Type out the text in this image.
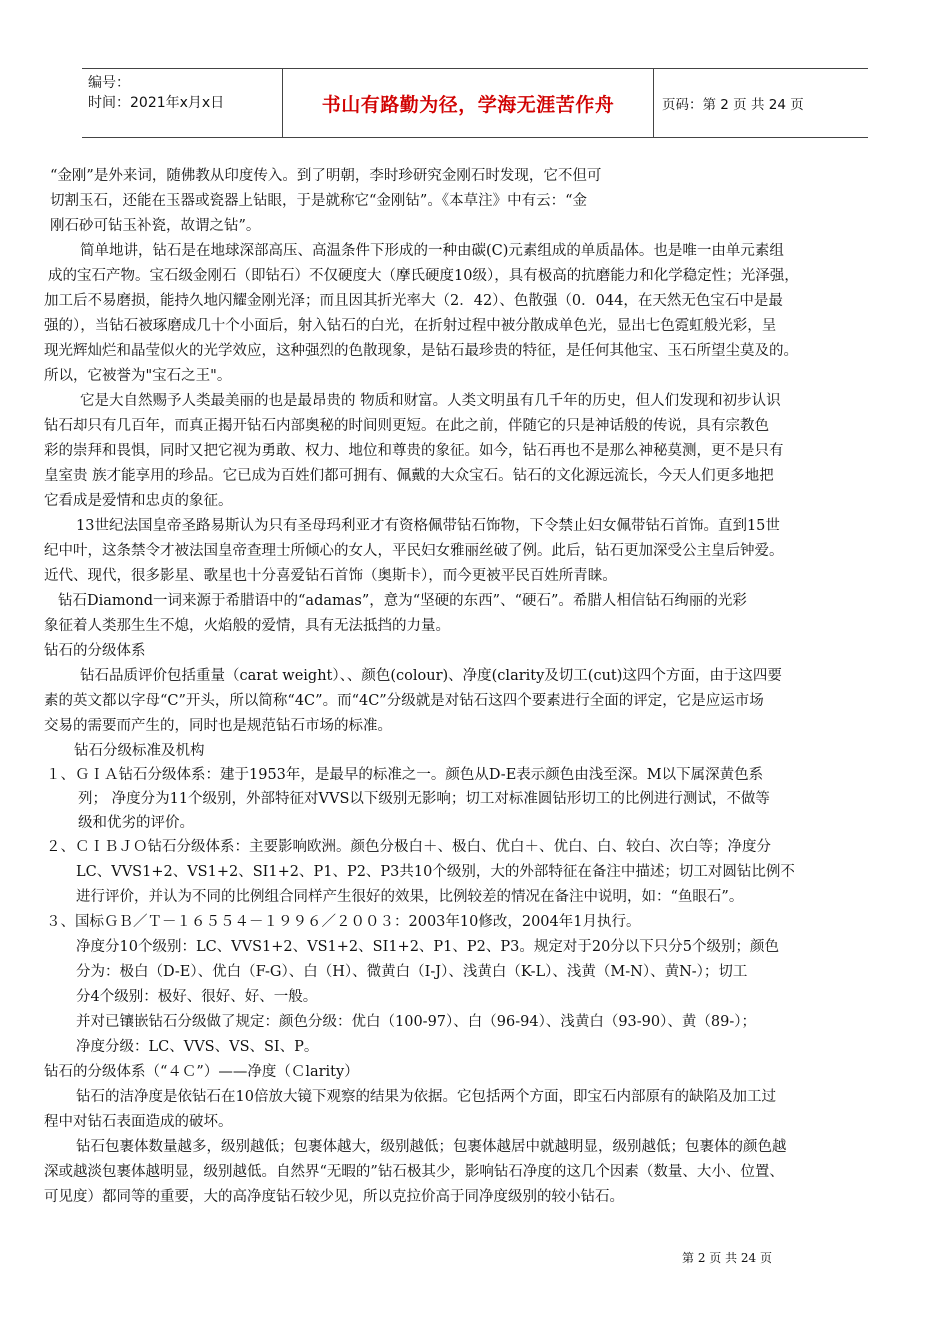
编号：
时间：2021年x月x日	书山有路勤为径，学海无涯苦作舟	页码：第 2 页 共 24 页
“金刚”是外来词，随佛教从印度传入。到了明朝，李时珍研究金刚石时发现，它不但可
切割玉石，还能在玉器或瓷器上钻眼，于是就称它“金刚钻”。《本草注》中有云：“金
刚石砂可钻玉补瓷，故谓之钻”。
简单地讲，钻石是在地球深部高压、高温条件下形成的一种由碳(C)元素组成的单质晶体。也是唯一由单元素组
成的宝石产物。宝石级金刚石（即钻石）不仅硬度大（摩氏硬度10级），具有极高的抗磨能力和化学稳定性；光泽强，
加工后不易磨损，能持久地闪耀金刚光泽；而且因其折光率大（2．42）、色散强（0．044，在天然无色宝石中是最
强的），当钻石被琢磨成几十个小面后，射入钻石的白光，在折射过程中被分散成单色光，显出七色霓虹般光彩，呈
现光辉灿烂和晶莹似火的光学效应，这种强烈的色散现象，是钻石最珍贵的特征，是任何其他宝、玉石所望尘莫及的。
所以，它被誉为"宝石之王"。
它是大自然赐予人类最美丽的也是最昂贵的 物质和财富。人类文明虽有几千年的历史，但人们发现和初步认识
钻石却只有几百年，而真正揭开钻石内部奥秘的时间则更短。在此之前，伴随它的只是神话般的传说，具有宗教色
彩的崇拜和畏惧，同时又把它视为勇敢、权力、地位和尊贵的象征。如今，钻石再也不是那么神秘莫测，更不是只有
皇室贵 族才能享用的珍品。它已成为百姓们都可拥有、佩戴的大众宝石。钻石的文化源远流长，今天人们更多地把
它看成是爱情和忠贞的象征。
13世纪法国皇帝圣路易斯认为只有圣母玛利亚才有资格佩带钻石饰物，下令禁止妇女佩带钻石首饰。直到15世
纪中叶，这条禁令才被法国皇帝查理士所倾心的女人，平民妇女雅丽丝破了例。此后，钻石更加深受公主皇后钟爱。
近代、现代，很多影星、歌星也十分喜爱钻石首饰（奥斯卡），而今更被平民百姓所青睐。
钻石Diamond一词来源于希腊语中的“adamas”，意为“坚硬的东西”、“硬石”。希腊人相信钻石绚丽的光彩
象征着人类那生生不熄，火焰般的爱情，具有无法抵挡的力量。
钻石的分级体系
钻石品质评价包括重量（carat weight）、、颜色(colour)、净度(clarity及切工(cut)这四个方面，由于这四要
素的英文都以字母“C”开头，所以简称“4C”。而“4C”分级就是对钻石这四个要素进行全面的评定，它是应运市场
交易的需要而产生的，同时也是规范钻石市场的标准。
钻石分级标准及机构
１、ＧＩＡ钻石分级体系：建于1953年，是最早的标准之一。颜色从D-E表示颜色由浅至深。M以下属深黄色系
列； 净度分为11个级别，外部特征对VVS以下级别无影响；切工对标准圆钻形切工的比例进行测试，不做等
级和优劣的评价。
２、ＣＩＢＪＯ钻石分级体系：主要影响欧洲。颜色分极白＋、极白、优白＋、优白、白、较白、次白等；净度分
LC、VVS1+2、VS1+2、SI1+2、P1、P2、P3共10个级别，大的外部特征在备注中描述；切工对圆钻比例不
进行评价，并认为不同的比例组合同样产生很好的效果，比例较差的情况在备注中说明，如：“鱼眼石”。
３、国标ＧＢ／Ｔ－１６５５４－１９９６／２００３：2003年10修改，2004年1月执行。
净度分10个级别：LC、VVS1+2、VS1+2、SI1+2、P1、P2、P3。规定对于20分以下只分5个级别；颜色
分为：极白（D-E）、优白（F-G）、白（H）、微黄白（I-J）、浅黄白（K-L）、浅黄（M-N）、黄N-）；切工
分4个级别：极好、很好、好、一般。
并对已镶嵌钻石分级做了规定：颜色分级：优白（100-97）、白（96-94）、浅黄白（93-90）、黄（89-）；
净度分级：LC、VVS、VS、SI、P。
钻石的分级体系（“４Ｃ”）——净度（Ｃlarity）
钻石的洁净度是依钻石在10倍放大镜下观察的结果为依据。它包括两个方面，即宝石内部原有的缺陷及加工过
程中对钻石表面造成的破坏。
钻石包裹体数量越多，级别越低；包裹体越大，级别越低；包裹体越居中就越明显，级别越低；包裹体的颜色越
深或越淡包裹体越明显，级别越低。自然界“无暇的”钻石极其少，影响钻石净度的这几个因素（数量、大小、位置、
可见度）都同等的重要，大的高净度钻石较少见，所以克拉价高于同净度级别的较小钻石。
第 2 页 共 24 页
